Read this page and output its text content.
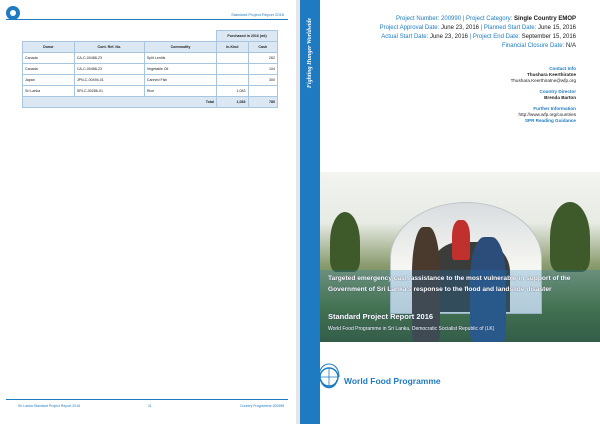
Standard Project Report 2016
			Purchased in 2016 (mt)	
Donor	Cont. Ref. No.	Commodity	In-Kind	Cash
Canada	CA-C-00488-23	Split Lentils		262
Canada	CA-C-00488-23	Vegetable Oil		104
Japan	JPN-C-00494-01	Canned Fish		300
Sri Lanka	SRI-C-00286-01	Rice	1,083	
Total			1,083	780
Sri Lanka Standard Project Report 2016	11	Country Programme 200998
Fighting Hunger Worldwide	Project Number: 200990 | Project Category: Single Country EMOP
Project Approval Date: June 23, 2016 | Planned Start Date: June 15, 2016
Actual Start Date: June 23, 2016 | Project End Date: September 15, 2016
Financial Closure Date: N/A
Contact Info
Thushara Keerthiratne
Thushara.Keerthiratne@wfp.org
Country Director
Brenda Barton
Further Information
http://www.wfp.org/countries
SPR Reading Guidance
Targeted emergency cash assistance to the most vulnerable in support of the Government of Sri Lanka's response to the flood and landslide disaster
Standard Project Report 2016
World Food Programme in Sri Lanka, Democratic Socialist Republic of (LK)
World Food Programme
